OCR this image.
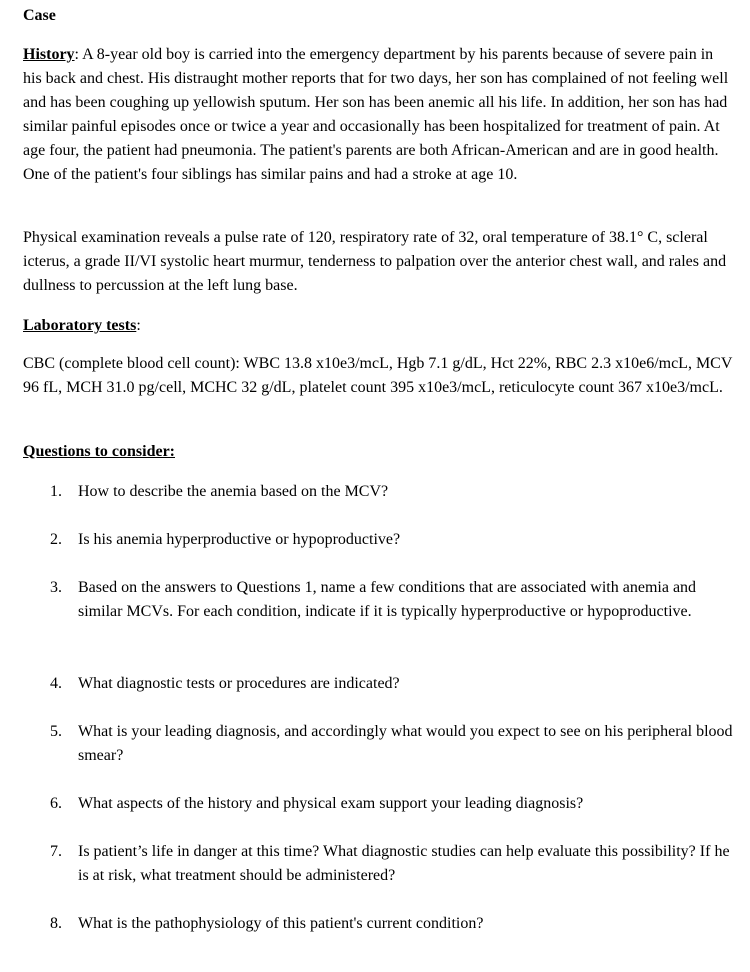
Case

History: A 8-year old boy is carried into the emergency department by his parents because of severe pain in his back and chest. His distraught mother reports that for two days, her son has complained of not feeling well and has been coughing up yellowish sputum. Her son has been anemic all his life. In addition, her son has had similar painful episodes once or twice a year and occasionally has been hospitalized for treatment of pain. At age four, the patient had pneumonia. The patient's parents are both African-American and are in good health. One of the patient's four siblings has similar pains and had a stroke at age 10.

Physical examination reveals a pulse rate of 120, respiratory rate of 32, oral temperature of 38.1° C, scleral icterus, a grade II/VI systolic heart murmur, tenderness to palpation over the anterior chest wall, and rales and dullness to percussion at the left lung base.

Laboratory tests:

CBC (complete blood cell count): WBC 13.8 x10e3/mcL, Hgb 7.1 g/dL, Hct 22%, RBC 2.3 x10e6/mcL, MCV 96 fL, MCH 31.0 pg/cell, MCHC 32 g/dL, platelet count 395 x10e3/mcL, reticulocyte count 367 x10e3/mcL.

Questions to consider:

1.	How to describe the anemia based on the MCV?
2.	Is his anemia hyperproductive or hypoproductive?
3.	Based on the answers to Questions 1, name a few conditions that are associated with anemia and similar MCVs. For each condition, indicate if it is typically hyperproductive or hypoproductive.
4.	What diagnostic tests or procedures are indicated?
5.	What is your leading diagnosis, and accordingly what would you expect to see on his peripheral blood smear?
6.	What aspects of the history and physical exam support your leading diagnosis?
7.	Is patient’s life in danger at this time? What diagnostic studies can help evaluate this possibility? If he is at risk, what treatment should be administered?
8.	What is the pathophysiology of this patient's current condition?
